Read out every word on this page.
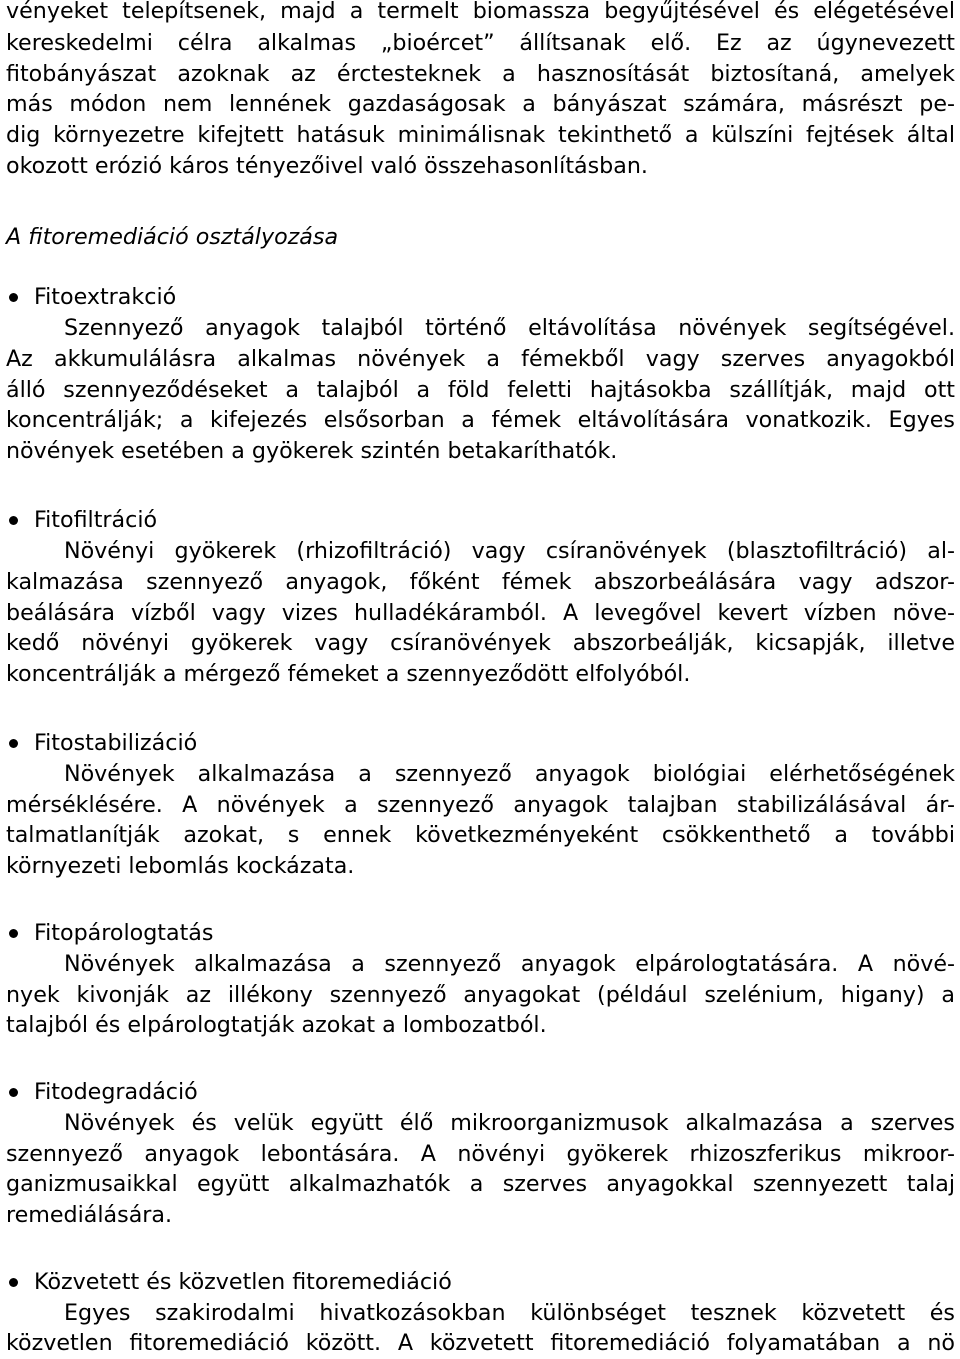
vényeket telepítsenek, majd a termelt biomassza begyűjtésével és elégetésével
kereskedelmi célra alkalmas „bioércet” állítsanak elő. Ez az úgynevezett
fitobányászat azoknak az érctesteknek a hasznosítását biztosítaná, amelyek
más módon nem lennének gazdaságosak a bányászat számára, másrészt pe-
dig környezetre kifejtett hatásuk minimálisnak tekinthető a külszíni fejtések által
okozott erózió káros tényezőivel való összehasonlításban.
A fitoremediáció osztályozása
Fitoextrakció
Szennyező anyagok talajból történő eltávolítása növények segítségével.
Az akkumulálásra alkalmas növények a fémekből vagy szerves anyagokból
álló szennyeződéseket a talajból a föld feletti hajtásokba szállítják, majd ott
koncentrálják; a kifejezés elsősorban a fémek eltávolítására vonatkozik. Egyes
növények esetében a gyökerek szintén betakaríthatók.
Fitofiltráció
Növényi gyökerek (rhizofiltráció) vagy csíranövények (blasztofiltráció) al-
kalmazása szennyező anyagok, főként fémek abszorbeálására vagy adszor-
beálására vízből vagy vizes hulladékáramból. A levegővel kevert vízben növe-
kedő növényi gyökerek vagy csíranövények abszorbeálják, kicsapják, illetve
koncentrálják a mérgező fémeket a szennyeződött elfolyóból.
Fitostabilizáció
Növények alkalmazása a szennyező anyagok biológiai elérhetőségének
mérséklésére. A növények a szennyező anyagok talajban stabilizálásával ár-
talmatlanítják azokat, s ennek következményeként csökkenthető a további
környezeti lebomlás kockázata.
Fitopárologtatás
Növények alkalmazása a szennyező anyagok elpárologtatására. A növé-
nyek kivonják az illékony szennyező anyagokat (például szelénium, higany) a
talajból és elpárologtatják azokat a lombozatból.
Fitodegradáció
Növények és velük együtt élő mikroorganizmusok alkalmazása a szerves
szennyező anyagok lebontására. A növényi gyökerek rhizoszferikus mikroor-
ganizmusaikkal együtt alkalmazhatók a szerves anyagokkal szennyezett talaj
remediálására.
Közvetett és közvetlen fitoremediáció
Egyes szakirodalmi hivatkozásokban különbséget tesznek közvetett és
közvetlen fitoremediáció között. A közvetett fitoremediáció folyamatában a nö
